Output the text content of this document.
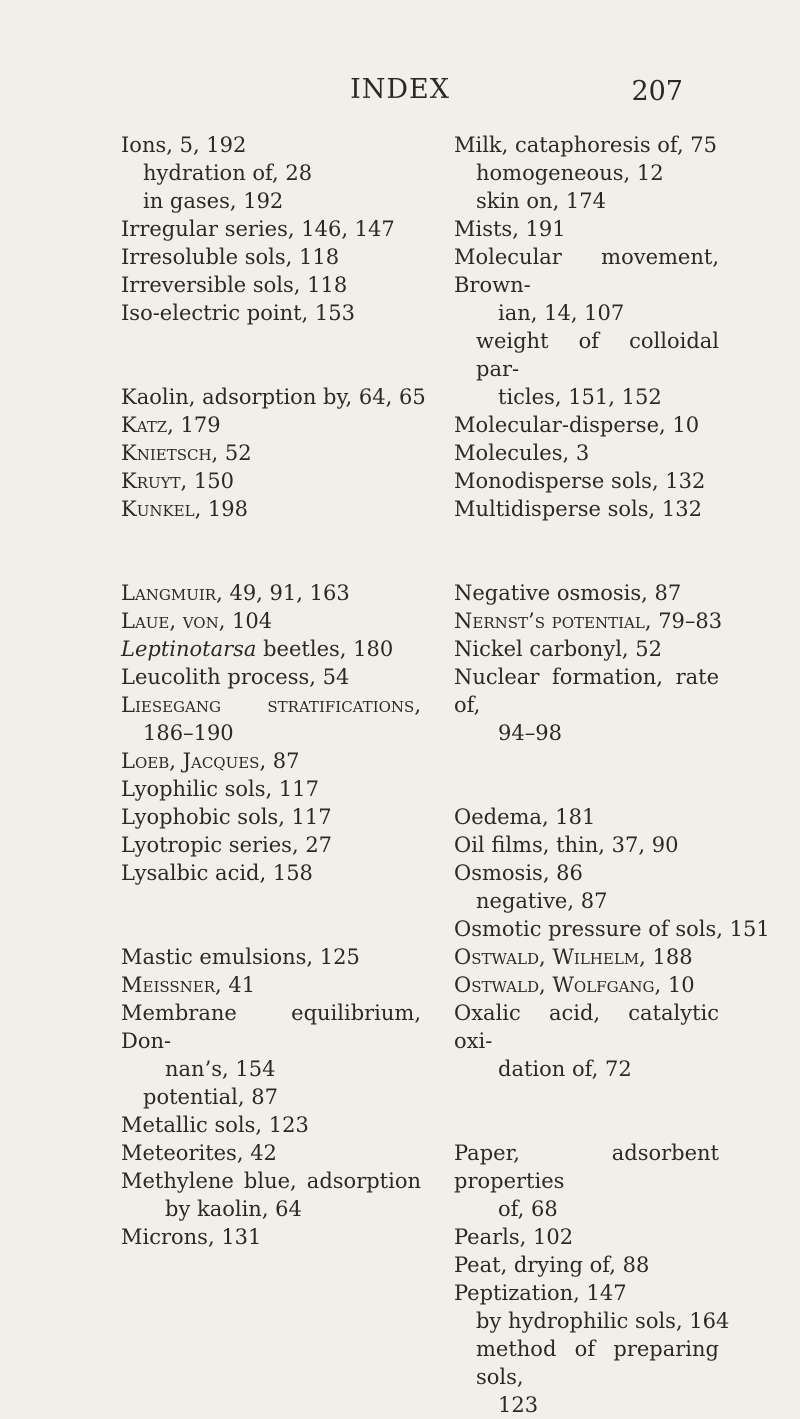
INDEX	207
Ions, 5, 192
hydration of, 28
in gases, 192
Irregular series, 146, 147
Irresoluble sols, 118
Irreversible sols, 118
Iso-electric point, 153
Kaolin, adsorption by, 64, 65
Katz, 179
Knietsch, 52
Kruyt, 150
Kunkel, 198
Langmuir, 49, 91, 163
Laue, von, 104
Leptinotarsa beetles, 180
Leucolith process, 54
Liesegang stratifications,
186–190
Loeb, Jacques, 87
Lyophilic sols, 117
Lyophobic sols, 117
Lyotropic series, 27
Lysalbic acid, 158
Mastic emulsions, 125
Meissner, 41
Membrane equilibrium, Don-
nan’s, 154
potential, 87
Metallic sols, 123
Meteorites, 42
Methylene blue, adsorption
by kaolin, 64
Microns, 131
Milk, cataphoresis of, 75
homogeneous, 12
skin on, 174
Mists, 191
Molecular movement, Brown-
ian, 14, 107
weight of colloidal par-
ticles, 151, 152
Molecular-disperse, 10
Molecules, 3
Monodisperse sols, 132
Multidisperse sols, 132
Negative osmosis, 87
Nernst’s potential, 79–83
Nickel carbonyl, 52
Nuclear formation, rate of,
94–98
Oedema, 181
Oil films, thin, 37, 90
Osmosis, 86
negative, 87
Osmotic pressure of sols, 151
Ostwald, Wilhelm, 188
Ostwald, Wolfgang, 10
Oxalic acid, catalytic oxi-
dation of, 72
Paper, adsorbent properties
of, 68
Pearls, 102
Peat, drying of, 88
Peptization, 147
by hydrophilic sols, 164
method of preparing sols,
123
